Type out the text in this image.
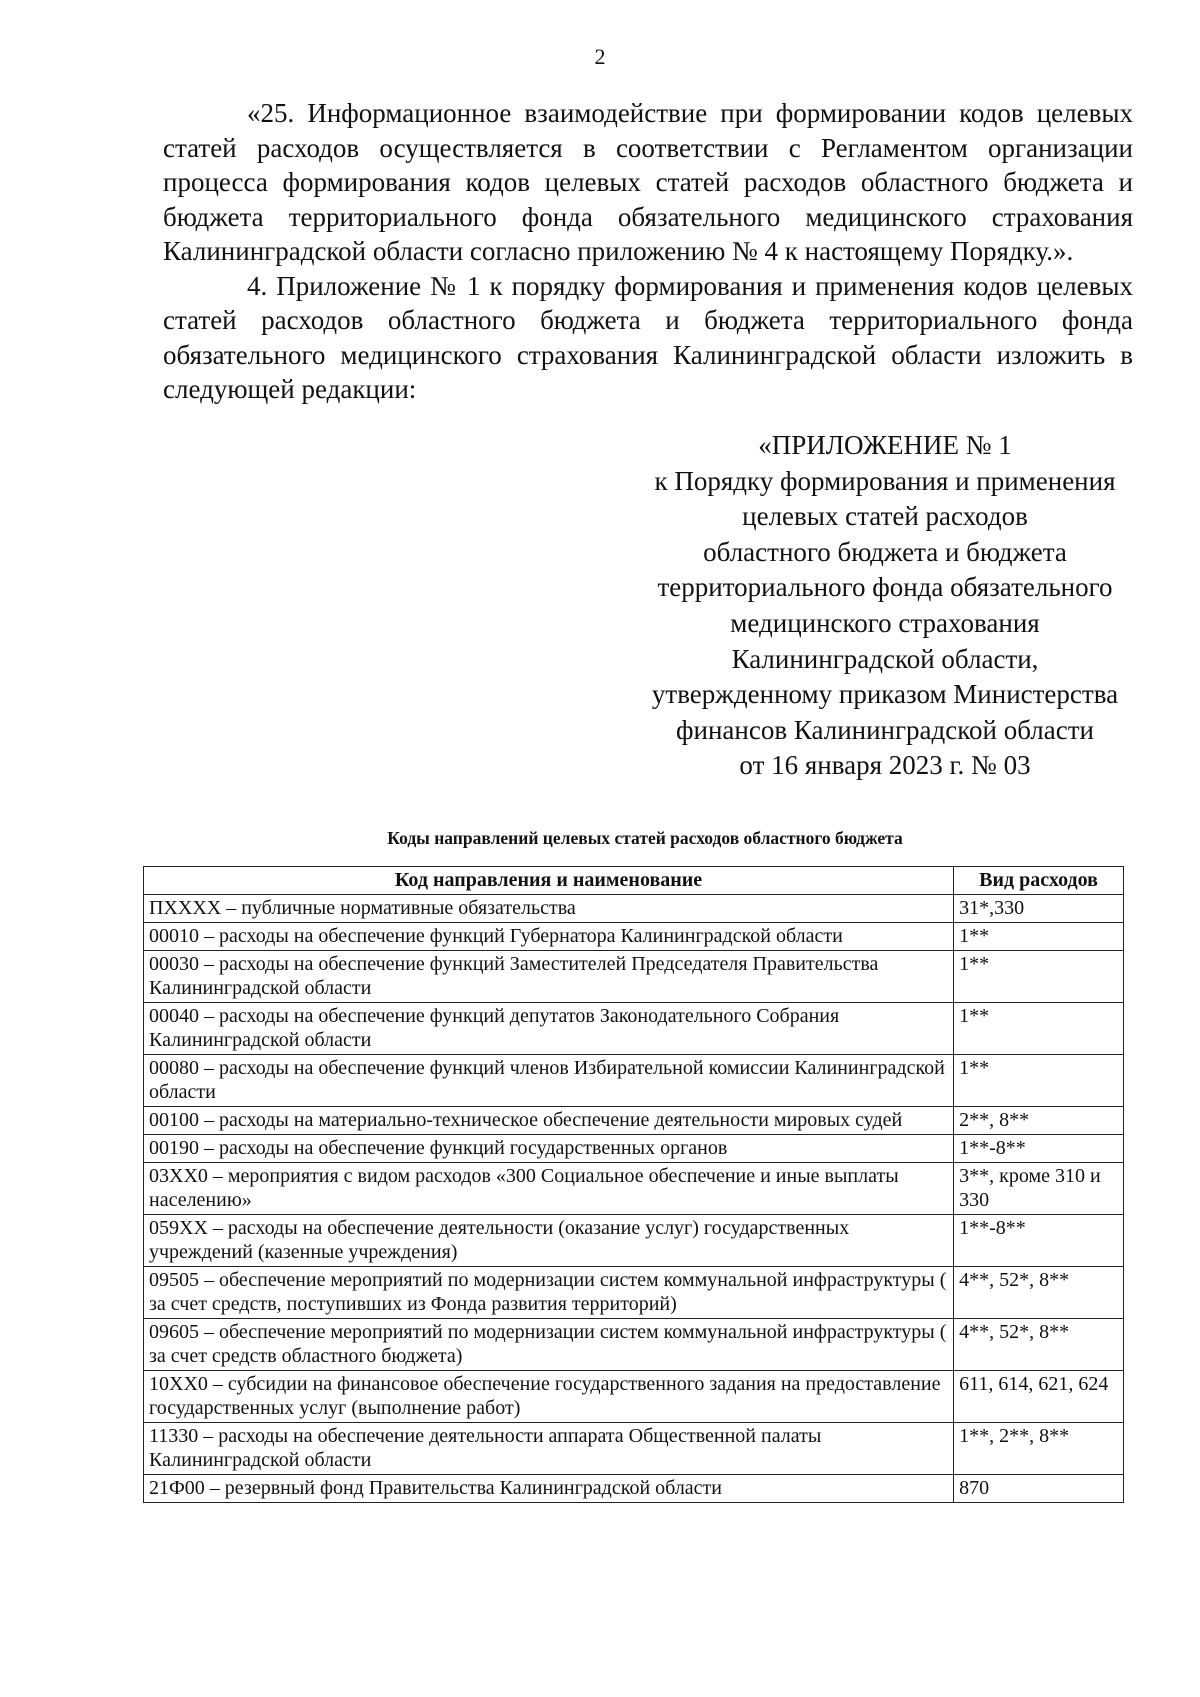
2

«25. Информационное взаимодействие при формировании кодов целевых статей расходов осуществляется в соответствии с Регламентом организации процесса формирования кодов целевых статей расходов областного бюджета и бюджета территориального фонда обязательного медицинского страхования Калининградской области согласно приложению № 4 к настоящему Порядку.».

4. Приложение № 1 к порядку формирования и применения кодов целевых статей расходов областного бюджета и бюджета территориального фонда обязательного медицинского страхования Калининградской области изложить в следующей редакции:

«ПРИЛОЖЕНИЕ № 1
к Порядку формирования и применения
целевых статей расходов
областного бюджета и бюджета
территориального фонда обязательного
медицинского страхования
Калининградской области,
утвержденному приказом Министерства
финансов Калининградской области
от 16 января 2023 г. № 03
Коды направлений целевых статей расходов областного бюджета
Код направления и наименование	Вид расходов
ПХХХХ – публичные нормативные обязательства	31*,330
00010 – расходы на обеспечение функций Губернатора Калининградской области	1**
00030 – расходы на обеспечение функций Заместителей Председателя Правительства Калининградской области	1**
00040 – расходы на обеспечение функций депутатов Законодательного Собрания Калининградской области	1**
00080 – расходы на обеспечение функций членов Избирательной комиссии Калининградской области	1**
00100 – расходы на материально-техническое обеспечение деятельности мировых судей	2**, 8**
00190 – расходы на обеспечение функций государственных органов	1**-8**
03ХХ0 – мероприятия с видом расходов «300 Социальное обеспечение и иные выплаты населению»	3**, кроме 310 и 330
059ХХ – расходы на обеспечение деятельности (оказание услуг) государственных учреждений (казенные учреждения)	1**-8**
09505 – обеспечение мероприятий по модернизации систем коммунальной инфраструктуры ( за счет средств, поступивших из Фонда развития территорий)	4**, 52*, 8**
09605 – обеспечение мероприятий по модернизации систем коммунальной инфраструктуры ( за счет средств областного бюджета)	4**, 52*, 8**
10ХХ0 – субсидии на финансовое обеспечение государственного задания на предоставление государственных услуг (выполнение работ)	611, 614, 621, 624
11330 – расходы на обеспечение деятельности аппарата Общественной палаты Калининградской области	1**, 2**, 8**
21Ф00 – резервный фонд Правительства Калининградской области	870
